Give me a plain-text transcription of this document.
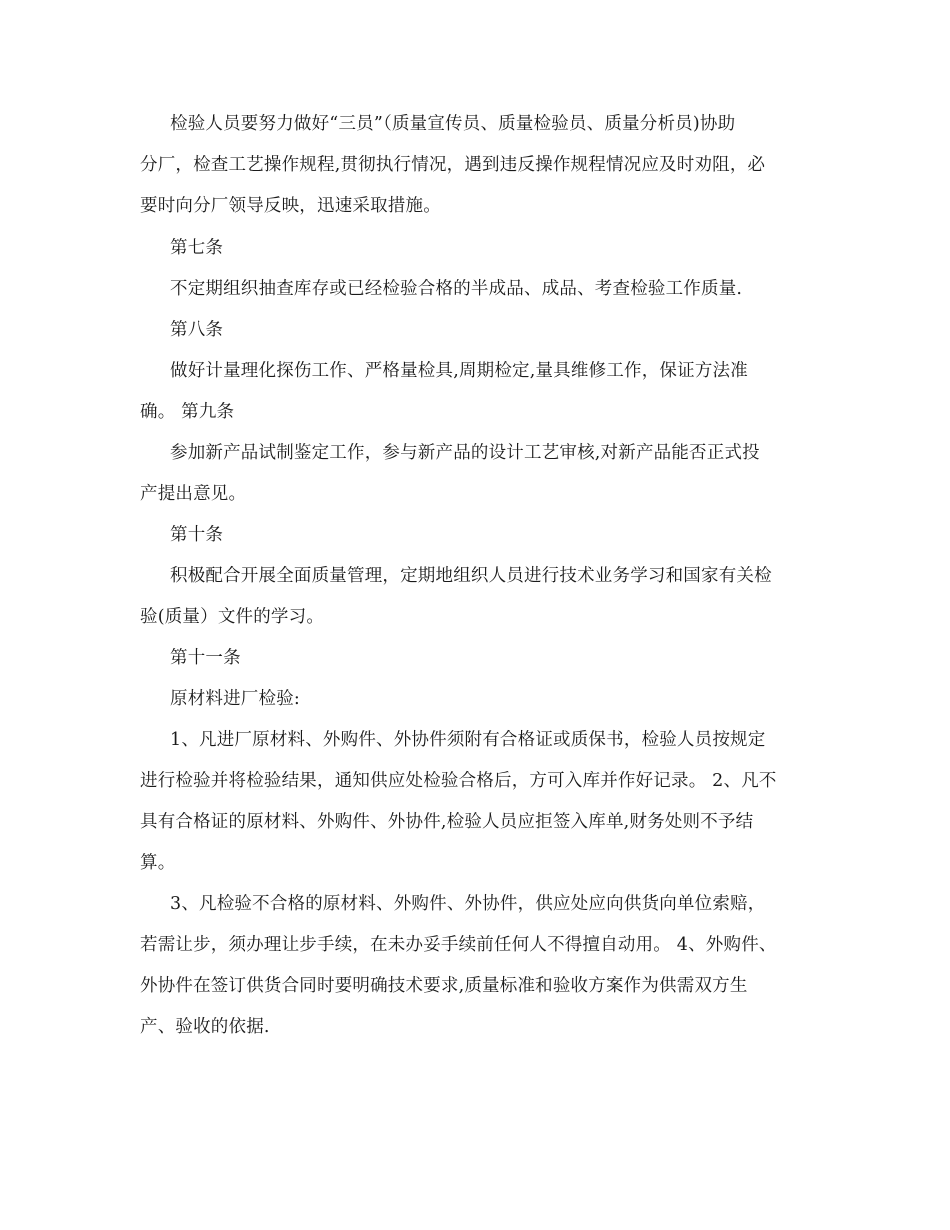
检验人员要努力做好“三员”（质量宣传员、质量检验员、质量分析员)协助
分厂，检查工艺操作规程,贯彻执行情况，遇到违反操作规程情况应及时劝阻，必
要时向分厂领导反映，迅速采取措施。
第七条
不定期组织抽查库存或已经检验合格的半成品、成品、考查检验工作质量.
第八条
做好计量理化探伤工作、严格量检具,周期检定,量具维修工作，保证方法准
确。 第九条
参加新产品试制鉴定工作，参与新产品的设计工艺审核,对新产品能否正式投
产提出意见。
第十条
积极配合开展全面质量管理，定期地组织人员进行技术业务学习和国家有关检
验(质量）文件的学习。
第十一条
原材料进厂检验:
1、凡进厂原材料、外购件、外协件须附有合格证或质保书，检验人员按规定
进行检验并将检验结果，通知供应处检验合格后，方可入库并作好记录。 2、凡不
具有合格证的原材料、外购件、外协件,检验人员应拒签入库单,财务处则不予结
算。
3、凡检验不合格的原材料、外购件、外协件，供应处应向供货向单位索赔，
若需让步，须办理让步手续，在未办妥手续前任何人不得擅自动用。 4、外购件、
外协件在签订供货合同时要明确技术要求,质量标准和验收方案作为供需双方生
产、验收的依据.
